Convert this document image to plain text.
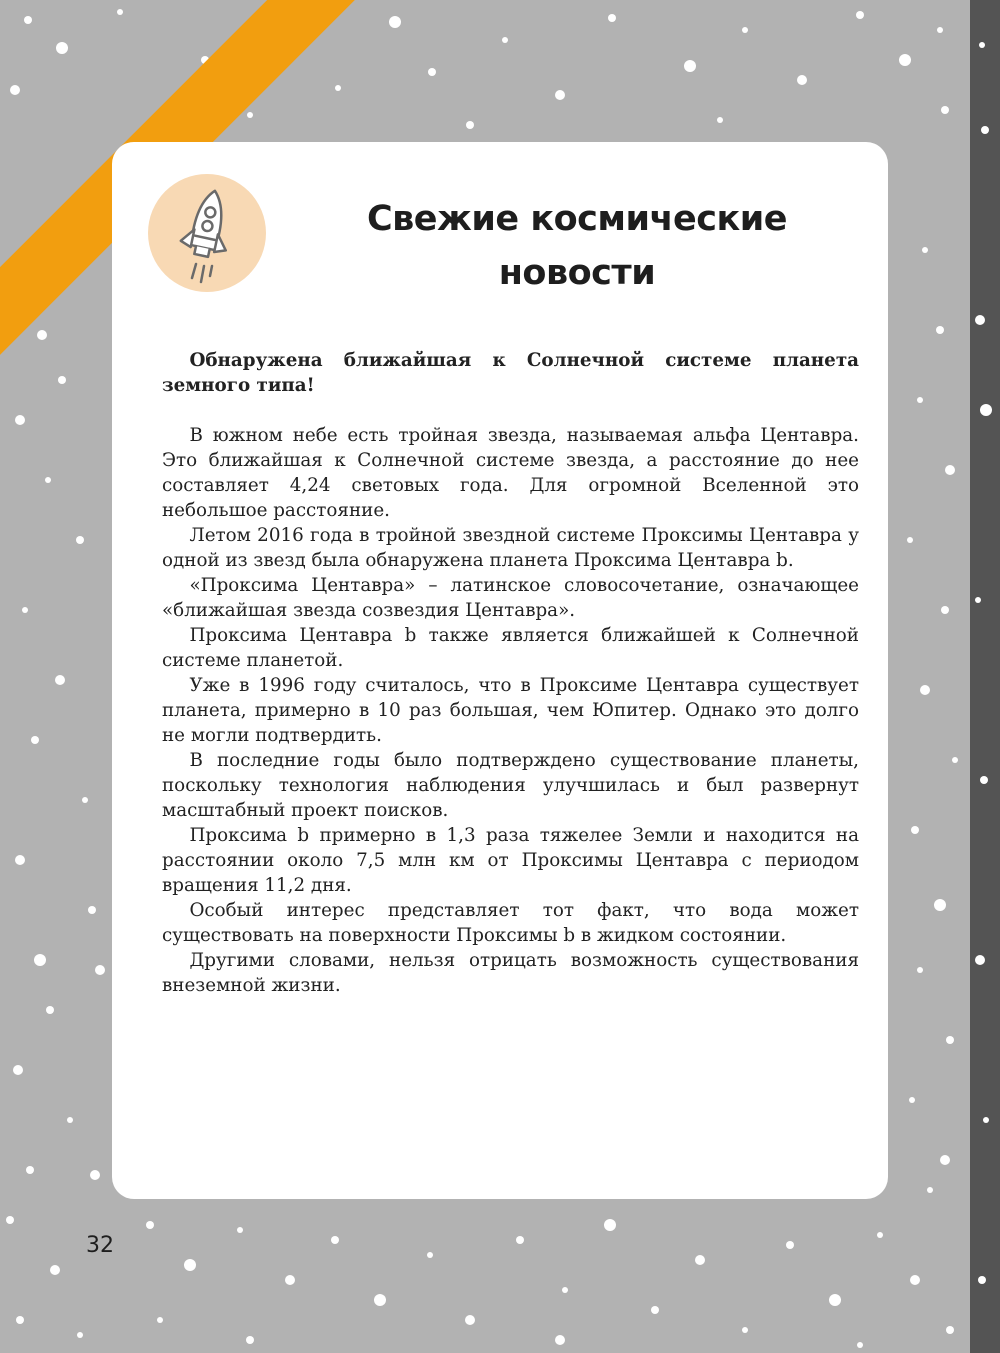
Свежие космические новости

Обнаружена ближайшая к Солнечной системе планета земного типа!

В южном небе есть тройная звезда, называемая альфа Центавра. Это ближайшая к Солнечной системе звезда, а расстояние до нее составляет 4,24 световых года. Для огромной Вселенной это небольшое расстояние.

Летом 2016 года в тройной звездной системе Проксимы Центавра у одной из звезд была обнаружена планета Проксима Центавра b.

«Проксима Центавра» – латинское словосочетание, означающее «ближайшая звезда созвездия Центавра».

Проксима Центавра b также является ближайшей к Солнечной системе планетой.

Уже в 1996 году считалось, что в Проксиме Центавра существует планета, примерно в 10 раз большая, чем Юпитер. Однако это долго не могли подтвердить.

В последние годы было подтверждено существование планеты, поскольку технология наблюдения улучшилась и был развернут масштабный проект поисков.

Проксима b примерно в 1,3 раза тяжелее Земли и находится на расстоянии около 7,5 млн км от Проксимы Центавра с периодом вращения 11,2 дня.

Особый интерес представляет тот факт, что вода может существовать на поверхности Проксимы b в жидком состоянии.

Другими словами, нельзя отрицать возможность существования внеземной жизни.

32
